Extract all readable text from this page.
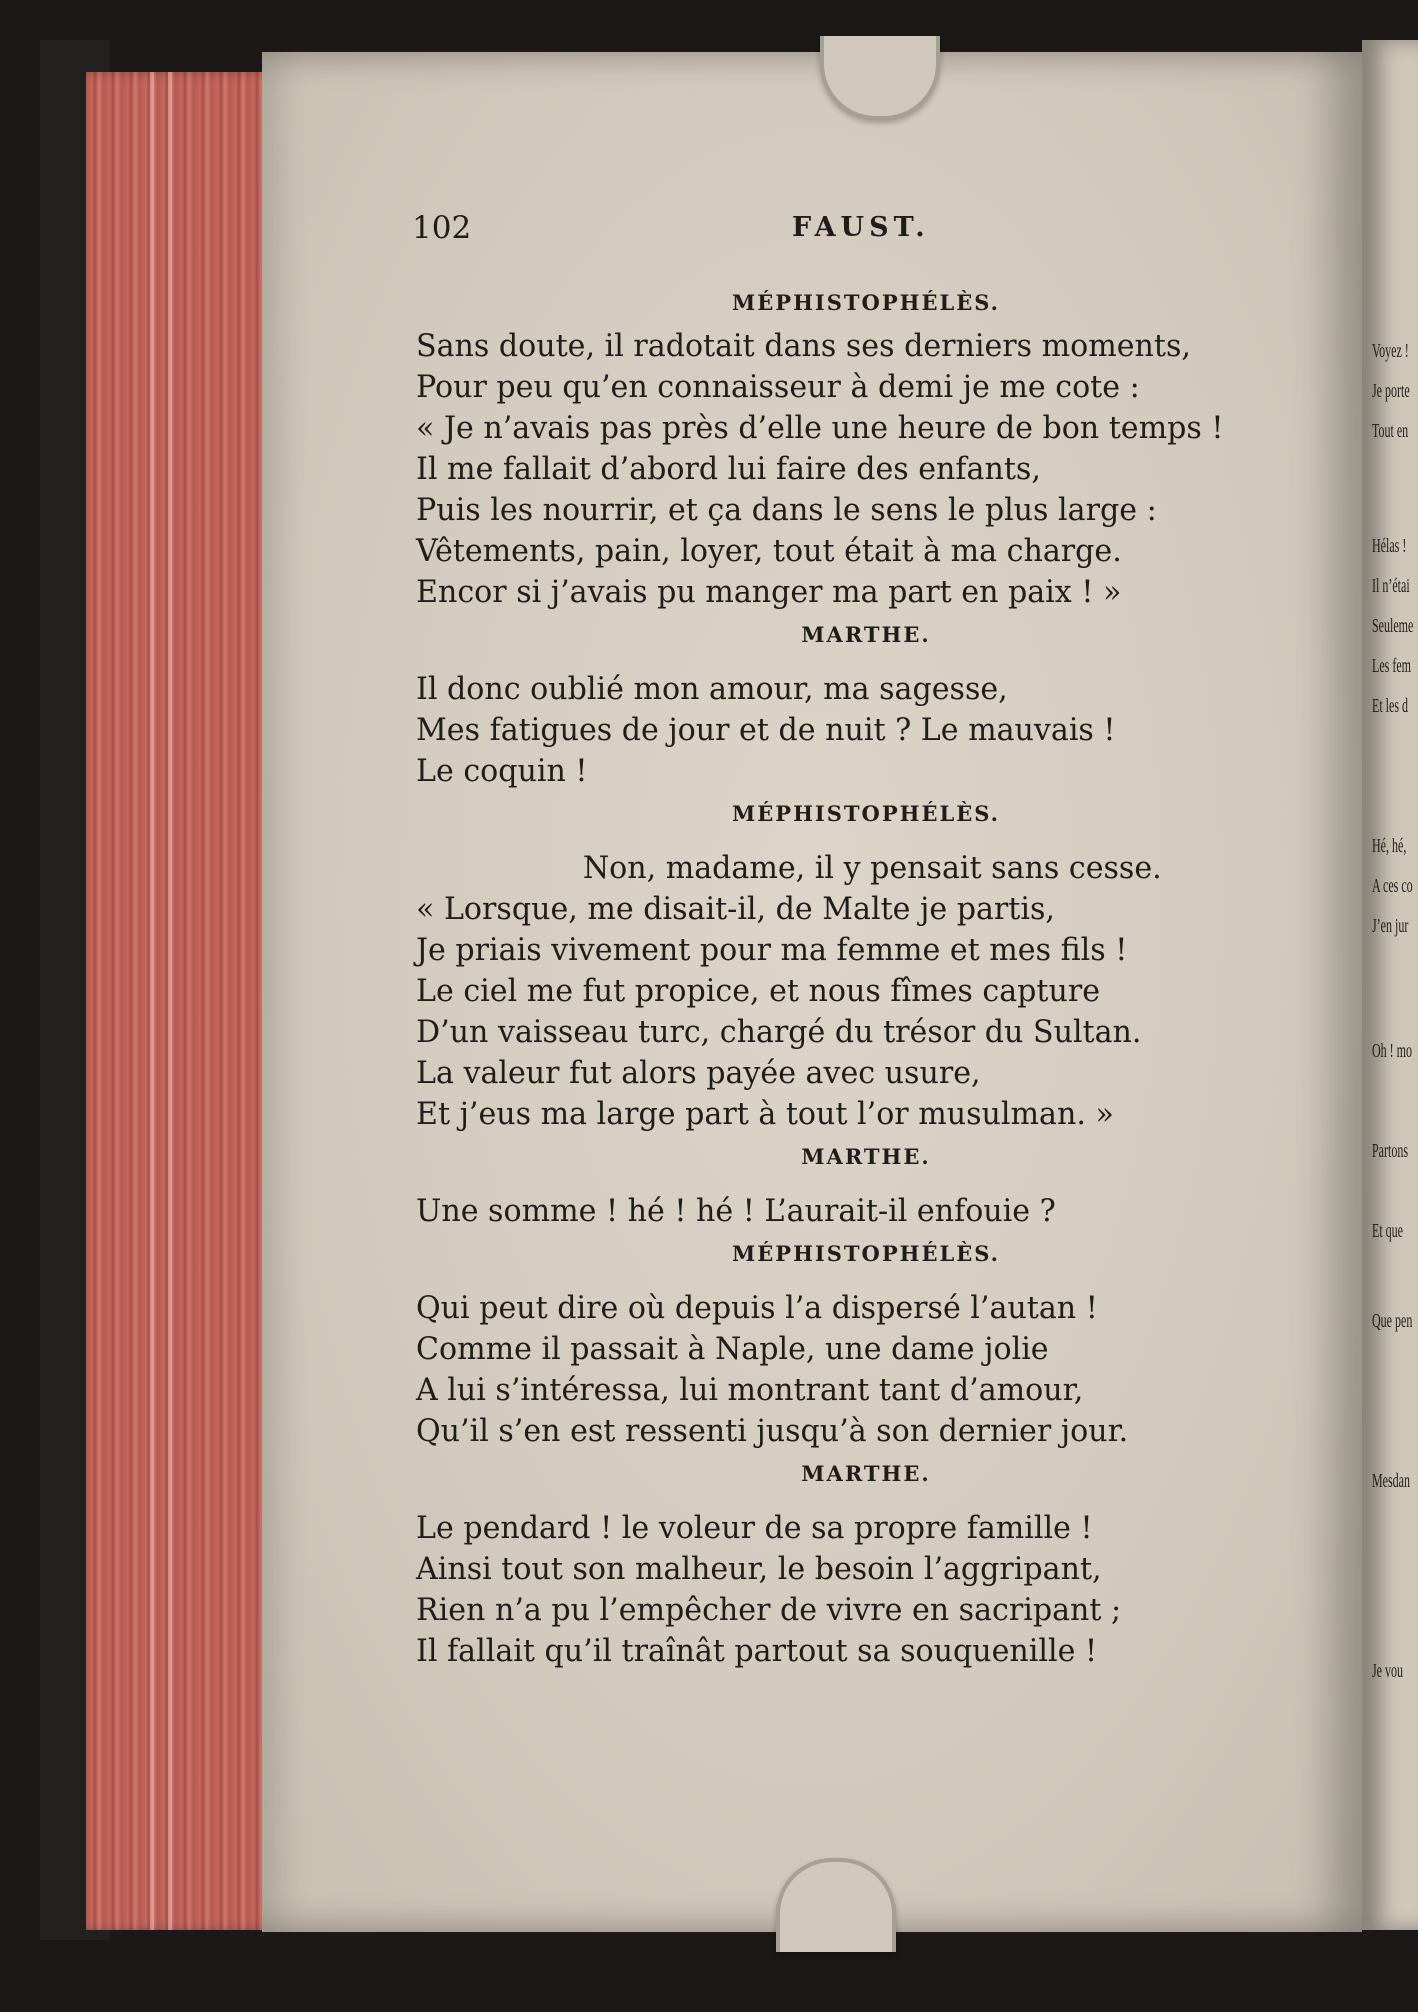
Voyez !
Je porte
Tout en
Hélas !
Il n’étai
Seuleme
Les fem
Et les d
Hé, hé,
A ces co
J’en jur
Oh ! mo
Partons
Et que
Que pen
Mesdan
Je vou
102	FAUST.
MÉPHISTOPHÉLÈS.
Sans doute, il radotait dans ses derniers moments,
Pour peu qu’en connaisseur à demi je me cote :
« Je n’avais pas près d’elle une heure de bon temps !
Il me fallait d’abord lui faire des enfants,
Puis les nourrir, et ça dans le sens le plus large :
Vêtements, pain, loyer, tout était à ma charge.
Encor si j’avais pu manger ma part en paix ! »
MARTHE.
Il donc oublié mon amour, ma sagesse,
Mes fatigues de jour et de nuit ? Le mauvais !
Le coquin !
MÉPHISTOPHÉLÈS.
Non, madame, il y pensait sans cesse.
« Lorsque, me disait-il, de Malte je partis,
Je priais vivement pour ma femme et mes fils !
Le ciel me fut propice, et nous fîmes capture
D’un vaisseau turc, chargé du trésor du Sultan.
La valeur fut alors payée avec usure,
Et j’eus ma large part à tout l’or musulman. »
MARTHE.
Une somme ! hé ! hé ! L’aurait-il enfouie ?
MÉPHISTOPHÉLÈS.
Qui peut dire où depuis l’a dispersé l’autan !
Comme il passait à Naple, une dame jolie
A lui s’intéressa, lui montrant tant d’amour,
Qu’il s’en est ressenti jusqu’à son dernier jour.
MARTHE.
Le pendard ! le voleur de sa propre famille !
Ainsi tout son malheur, le besoin l’aggripant,
Rien n’a pu l’empêcher de vivre en sacripant ;
Il fallait qu’il traînât partout sa souquenille !
